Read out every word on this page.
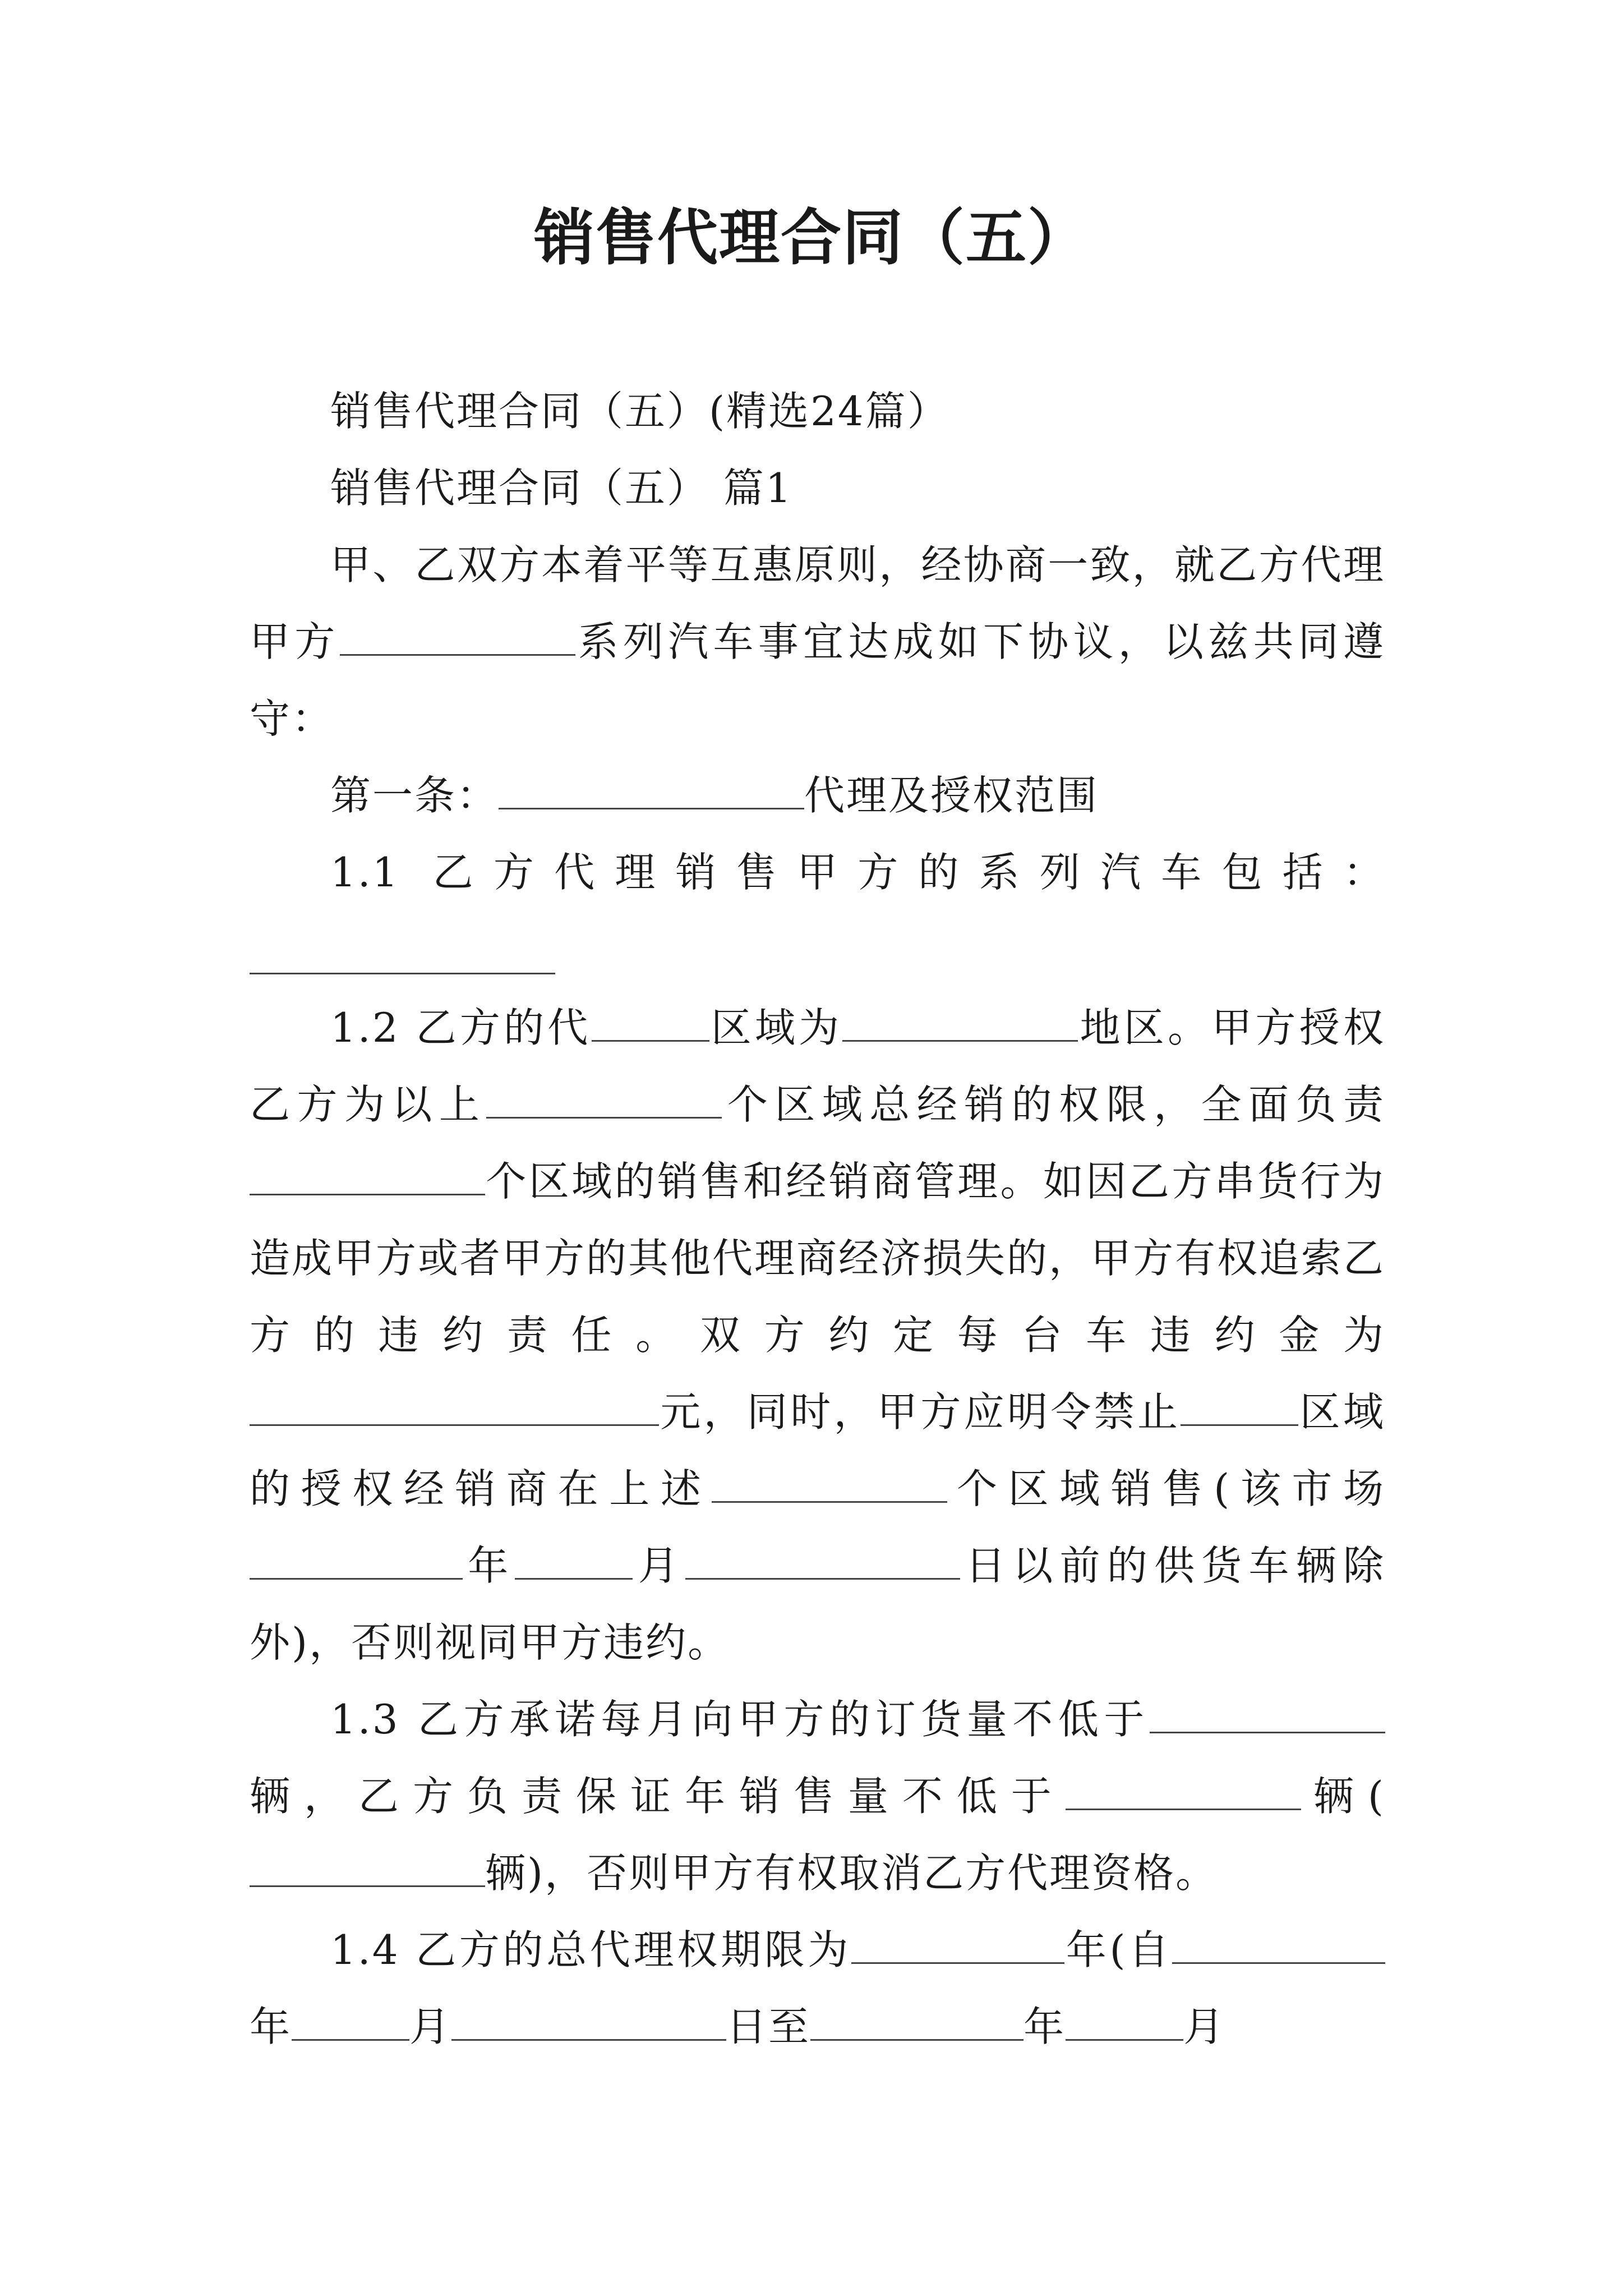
销售代理合同（五）

销售代理合同（五）(精选24篇）

销售代理合同（五） 篇1

甲、乙双方本着平等互惠原则，经协商一致，就乙方代理甲方	系列汽车事宜达成如下协议，以兹共同遵守：

第一条：	代理及授权范围

1.1 乙方代理销售甲方的系列汽车包括：

1.2 乙方的代	区域为	地区。甲方授权乙方为以上	个区域总经销的权限，全面负责个区域的销售和经销商管理。如因乙方串货行为造成甲方或者甲方的其他代理商经济损失的，甲方有权追索乙方的违约责任。双方约定每台车违约金为元，同时，甲方应明令禁止	区域的授权经销商在上述	个区域销售(该市场年	月	日以前的供货车辆除外)，否则视同甲方违约。

1.3 乙方承诺每月向甲方的订货量不低于辆，乙方负责保证年销售量不低于	辆(辆)，否则甲方有权取消乙方代理资格。

1.4 乙方的总代理权期限为	年(自年	月	日至	年	月
